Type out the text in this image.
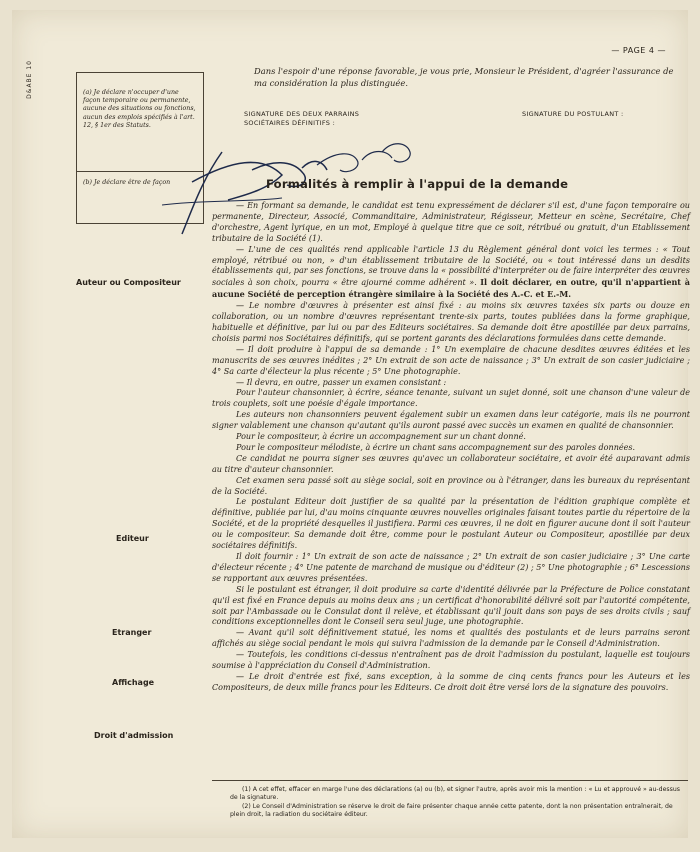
— PAGE 4 —
D&ABE 10	(a) Je déclare n'occuper d'une façon temporaire ou permanente, aucune des situations ou fonctions, aucun des emplois spécifiés à l'art. 12, § 1er des Statuts.
(b) Je déclare être de façon
Dans l'espoir d'une réponse favorable, je vous prie, Monsieur le Président, d'agréer l'assurance de ma considération la plus distinguée.
SIGNATURE DES DEUX PARRAINS SOCIÉTAIRES DÉFINITIFS :
SIGNATURE DU POSTULANT :
Formalités à remplir à l'appui de la demande
Auteur ou Compositeur
Editeur
Etranger
Affichage
Droit d'admission

— En formant sa demande, le candidat est tenu expressément de déclarer s'il est, d'une façon temporaire ou permanente, Directeur, Associé, Commanditaire, Administrateur, Régisseur, Metteur en scène, Secrétaire, Chef d'orchestre, Agent lyrique, en un mot, Employé à quelque titre que ce soit, rétribué ou gratuit, d'un Etablissement tributaire de la Société (1).

— L'une de ces qualités rend applicable l'article 13 du Règlement général dont voici les termes : « Tout employé, rétribué ou non, » d'un établissement tributaire de la Société, ou « tout intéressé dans un desdits établissements qui, par ses fonctions, se trouve dans la « possibilité d'interpréter ou de faire interpréter des œuvres sociales à son choix, pourra « être ajourné comme adhérent ». Il doit déclarer, en outre, qu'il n'appartient à aucune Société de perception étrangère similaire à la Société des A.-C. et E.-M.

— Le nombre d'œuvres à présenter est ainsi fixé : au moins six œuvres taxées six parts ou douze en collaboration, ou un nombre d'œuvres représentant trente-six parts, toutes publiées dans la forme graphique, habituelle et définitive, par lui ou par des Editeurs sociétaires. Sa demande doit être apostillée par deux parrains, choisis parmi nos Sociétaires définitifs, qui se portent garants des déclarations formulées dans cette demande.

— Il doit produire à l'appui de sa demande : 1° Un exemplaire de chacune desdites œuvres éditées et les manuscrits de ses œuvres inédites ; 2° Un extrait de son acte de naissance ; 3° Un extrait de son casier judiciaire ; 4° Sa carte d'électeur la plus récente ; 5° Une photographie.

— Il devra, en outre, passer un examen consistant :

Pour l'auteur chansonnier, à écrire, séance tenante, suivant un sujet donné, soit une chanson d'une valeur de trois couplets, soit une poésie d'égale importance.

Les auteurs non chansonniers peuvent également subir un examen dans leur catégorie, mais ils ne pourront signer valablement une chanson qu'autant qu'ils auront passé avec succès un examen en qualité de chansonnier.

Pour le compositeur, à écrire un accompagnement sur un chant donné.

Pour le compositeur mélodiste, à écrire un chant sans accompagnement sur des paroles données.

Ce candidat ne pourra signer ses œuvres qu'avec un collaborateur sociétaire, et avoir été auparavant admis au titre d'auteur chansonnier.

Cet examen sera passé soit au siège social, soit en province ou à l'étranger, dans les bureaux du représentant de la Société.

Le postulant Editeur doit justifier de sa qualité par la présentation de l'édition graphique complète et définitive, publiée par lui, d'au moins cinquante œuvres nouvelles originales faisant toutes partie du répertoire de la Société, et de la propriété desquelles il justifiera. Parmi ces œuvres, il ne doit en figurer aucune dont il soit l'auteur ou le compositeur. Sa demande doit être, comme pour le postulant Auteur ou Compositeur, apostillée par deux sociétaires définitifs.

Il doit fournir : 1° Un extrait de son acte de naissance ; 2° Un extrait de son casier judiciaire ; 3° Une carte d'électeur récente ; 4° Une patente de marchand de musique ou d'éditeur (2) ; 5° Une photographie ; 6° Lescessions se rapportant aux œuvres présentées.

Si le postulant est étranger, il doit produire sa carte d'identité délivrée par la Préfecture de Police constatant qu'il est fixé en France depuis au moins deux ans ; un certificat d'honorabilité délivré soit par l'autorité compétente, soit par l'Ambassade ou le Consulat dont il relève, et établissant qu'il jouit dans son pays de ses droits civils ; sauf conditions exceptionnelles dont le Conseil sera seul juge, une photographie.

— Avant qu'il soit définitivement statué, les noms et qualités des postulants et de leurs parrains seront affichés au siège social pendant le mois qui suivra l'admission de la demande par le Conseil d'Administration.

— Toutefois, les conditions ci-dessus n'entraînent pas de droit l'admission du postulant, laquelle est toujours soumise à l'appréciation du Conseil d'Administration.

— Le droit d'entrée est fixé, sans exception, à la somme de cinq cents francs pour les Auteurs et les Compositeurs, de deux mille francs pour les Editeurs. Ce droit doit être versé lors de la signature des pouvoirs.

(1) A cet effet, effacer en marge l'une des déclarations (a) ou (b), et signer l'autre, après avoir mis la mention : « Lu et approuvé » au-dessus de la signature.

(2) Le Conseil d'Administration se réserve le droit de faire présenter chaque année cette patente, dont la non présentation entraînerait, de plein droit, la radiation du sociétaire éditeur.
